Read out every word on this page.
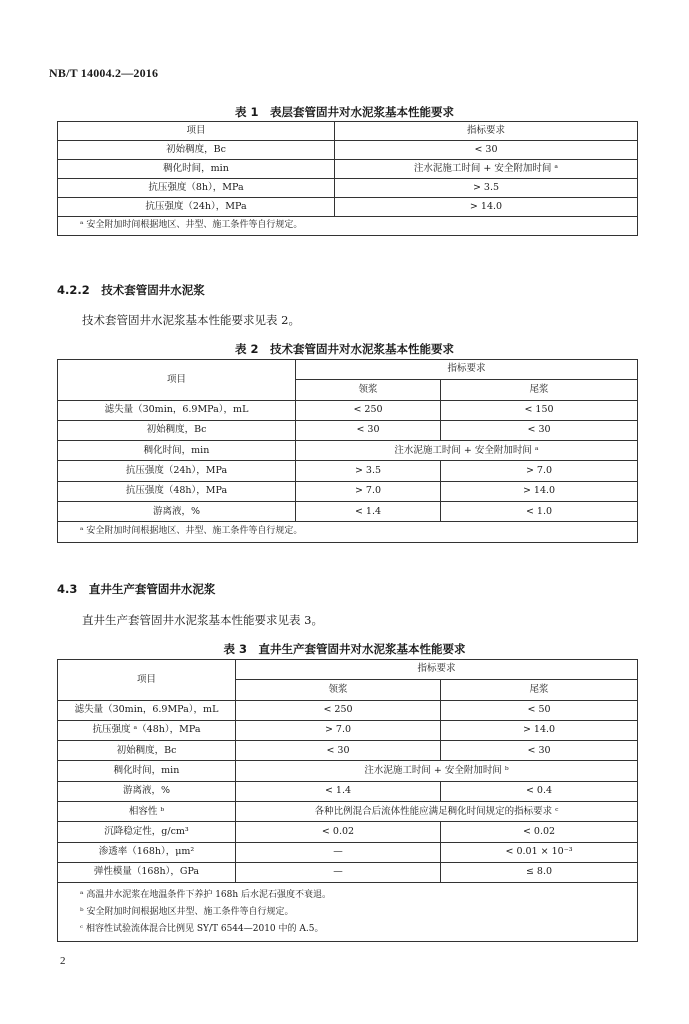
NB/T 14004.2—2016
表 1　表层套管固井对水泥浆基本性能要求
项目	指标要求
初始稠度，Bc	< 30
稠化时间，min	注水泥施工时间 + 安全附加时间 ᵃ
抗压强度（8h），MPa	> 3.5
抗压强度（24h），MPa	> 14.0
ᵃ 安全附加时间根据地区、井型、施工条件等自行规定。	
4.2.2　技术套管固井水泥浆
技术套管固井水泥浆基本性能要求见表 2。
表 2　技术套管固井对水泥浆基本性能要求
项目	指标要求	
	领浆	尾浆
滤失量（30min，6.9MPa），mL	< 250	< 150
初始稠度，Bc	< 30	< 30
稠化时间，min	注水泥施工时间 + 安全附加时间 ᵃ	
抗压强度（24h），MPa	> 3.5	> 7.0
抗压强度（48h），MPa	> 7.0	> 14.0
游离液，%	< 1.4	< 1.0
ᵃ 安全附加时间根据地区、井型、施工条件等自行规定。		
4.3　直井生产套管固井水泥浆
直井生产套管固井水泥浆基本性能要求见表 3。
表 3　直井生产套管固井对水泥浆基本性能要求
项目	指标要求	
	领浆	尾浆
滤失量（30min，6.9MPa），mL	< 250	< 50
抗压强度 ᵃ（48h），MPa	> 7.0	> 14.0
初始稠度，Bc	< 30	< 30
稠化时间，min	注水泥施工时间 + 安全附加时间 ᵇ	
游离液，%	< 1.4	< 0.4
相容性 ᵇ	各种比例混合后流体性能应满足稠化时间规定的指标要求 ᶜ	
沉降稳定性，g/cm³	< 0.02	< 0.02
渗透率（168h），μm²	—	< 0.01 × 10⁻³
弹性模量（168h），GPa	—	≤ 8.0

ᵃ 高温井水泥浆在地温条件下养护 168h 后水泥石强度不衰退。
ᵇ 安全附加时间根据地区井型、施工条件等自行规定。
ᶜ 相容性试验流体混合比例见 SY/T 6544—2010 中的 A.5。		
2
